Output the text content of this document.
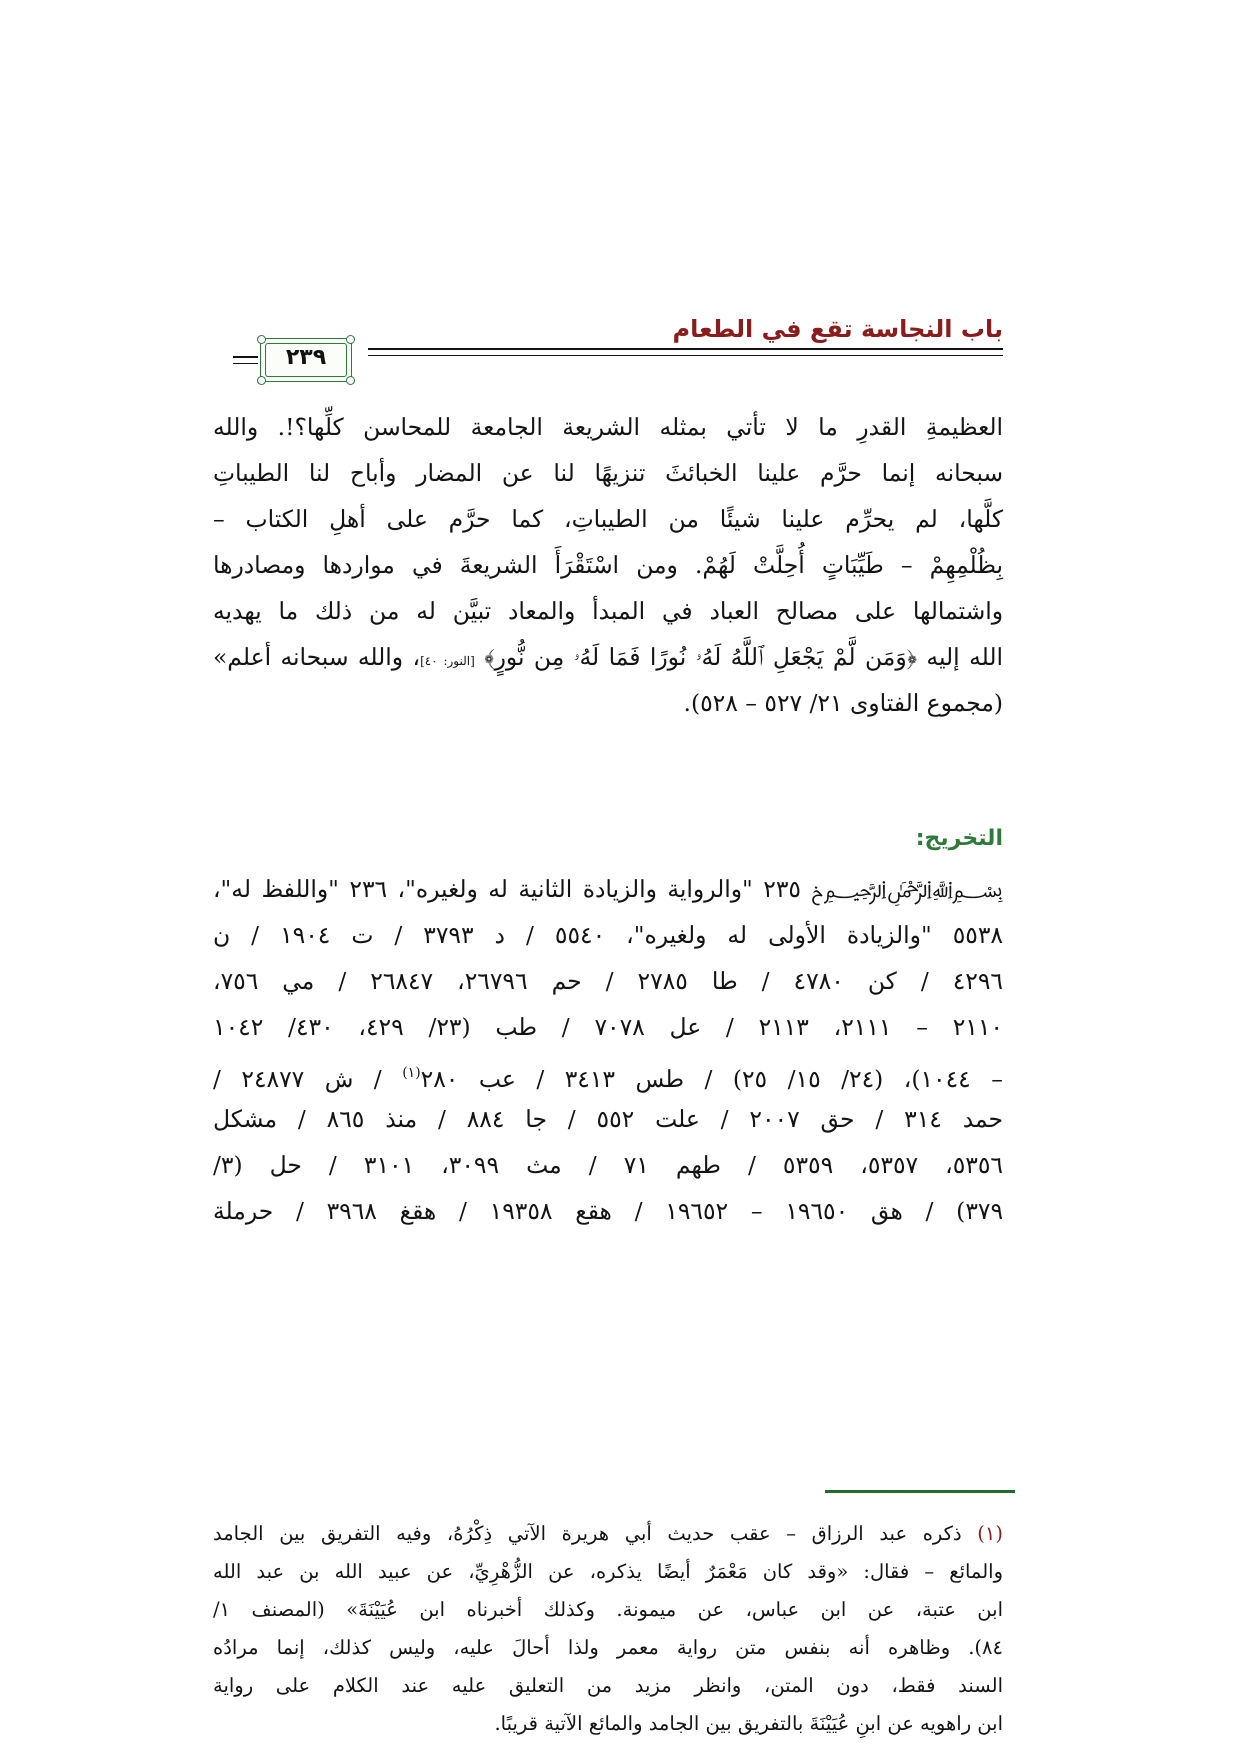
باب النجاسة تقع في الطعام
٢٣٩
العظيمةِ القدرِ ما لا تأتي بمثله الشريعة الجامعة للمحاسن كلِّها؟!. والله
سبحانه إنما حرَّم علينا الخبائثَ تنزيهًا لنا عن المضار وأباح لنا الطيباتِ
كلَّها، لم يحرِّم علينا شيئًا من الطيباتِ، كما حرَّم على أهلِ الكتاب –
بِظُلْمِهِمْ – طَيِّبَاتٍ أُحِلَّتْ لَهُمْ. ومن اسْتَقْرَأَ الشريعةَ في مواردها ومصادرها
واشتمالها على مصالح العباد في المبدأ والمعاد تبيَّن له من ذلك ما يهديه
الله إليه ﴿وَمَن لَّمْ يَجْعَلِ ٱللَّهُ لَهُۥ نُورًا فَمَا لَهُۥ مِن نُّورٍ﴾ [النور: ٤٠]، والله سبحانه أعلم»
(مجموع الفتاوى ٢١/ ٥٢٧ – ٥٢٨).
التخريج:
﷽خ ٢٣٥ "والرواية والزيادة الثانية له ولغيره"، ٢٣٦ "واللفظ له"،
٥٥٣٨ "والزيادة الأولى له ولغيره"، ٥٥٤٠ / د ٣٧٩٣ / ت ١٩٠٤ / ن
٤٢٩٦ / كن ٤٧٨٠ / طا ٢٧٨٥ / حم ٢٦٧٩٦، ٢٦٨٤٧ / مي ٧٥٦،
٢١١٠ – ٢١١١، ٢١١٣ / عل ٧٠٧٨ / طب (٢٣/ ٤٢٩، ٤٣٠/ ١٠٤٢
– ١٠٤٤)، (٢٤/ ١٥/ ٢٥) / طس ٣٤١٣ / عب ٢٨٠$^{(١)}$ / ش ٢٤٨٧٧ /
حمد ٣١٤ / حق ٢٠٠٧ / علت ٥٥٢ / جا ٨٨٤ / منذ ٨٦٥ / مشكل
٥٣٥٦، ٥٣٥٧، ٥٣٥٩ / طهم ٧١ / مث ٣٠٩٩، ٣١٠١ / حل (٣/
٣٧٩) / هق ١٩٦٥٠ – ١٩٦٥٢ / هقع ١٩٣٥٨ / هقغ ٣٩٦٨ / حرملة
(١) ذكره عبد الرزاق – عقب حديث أبي هريرة الآتي ذِكْرُهُ، وفيه التفريق بين الجامد
والمائع – فقال: «وقد كان مَعْمَرٌ أيضًا يذكره، عن الزُّهْرِيِّ، عن عبيد الله بن عبد الله
ابن عتبة، عن ابن عباس، عن ميمونة. وكذلك أخبرناه ابن عُيَيْنَةَ» (المصنف ١/
٨٤). وظاهره أنه بنفس متن رواية معمر ولذا أحالَ عليه، وليس كذلك، إنما مرادُه
السند فقط، دون المتن، وانظر مزيد من التعليق عليه عند الكلام على رواية
ابن راهويه عن ابنِ عُيَيْنَةَ بالتفريق بين الجامد والمائع الآتية قريبًا.
